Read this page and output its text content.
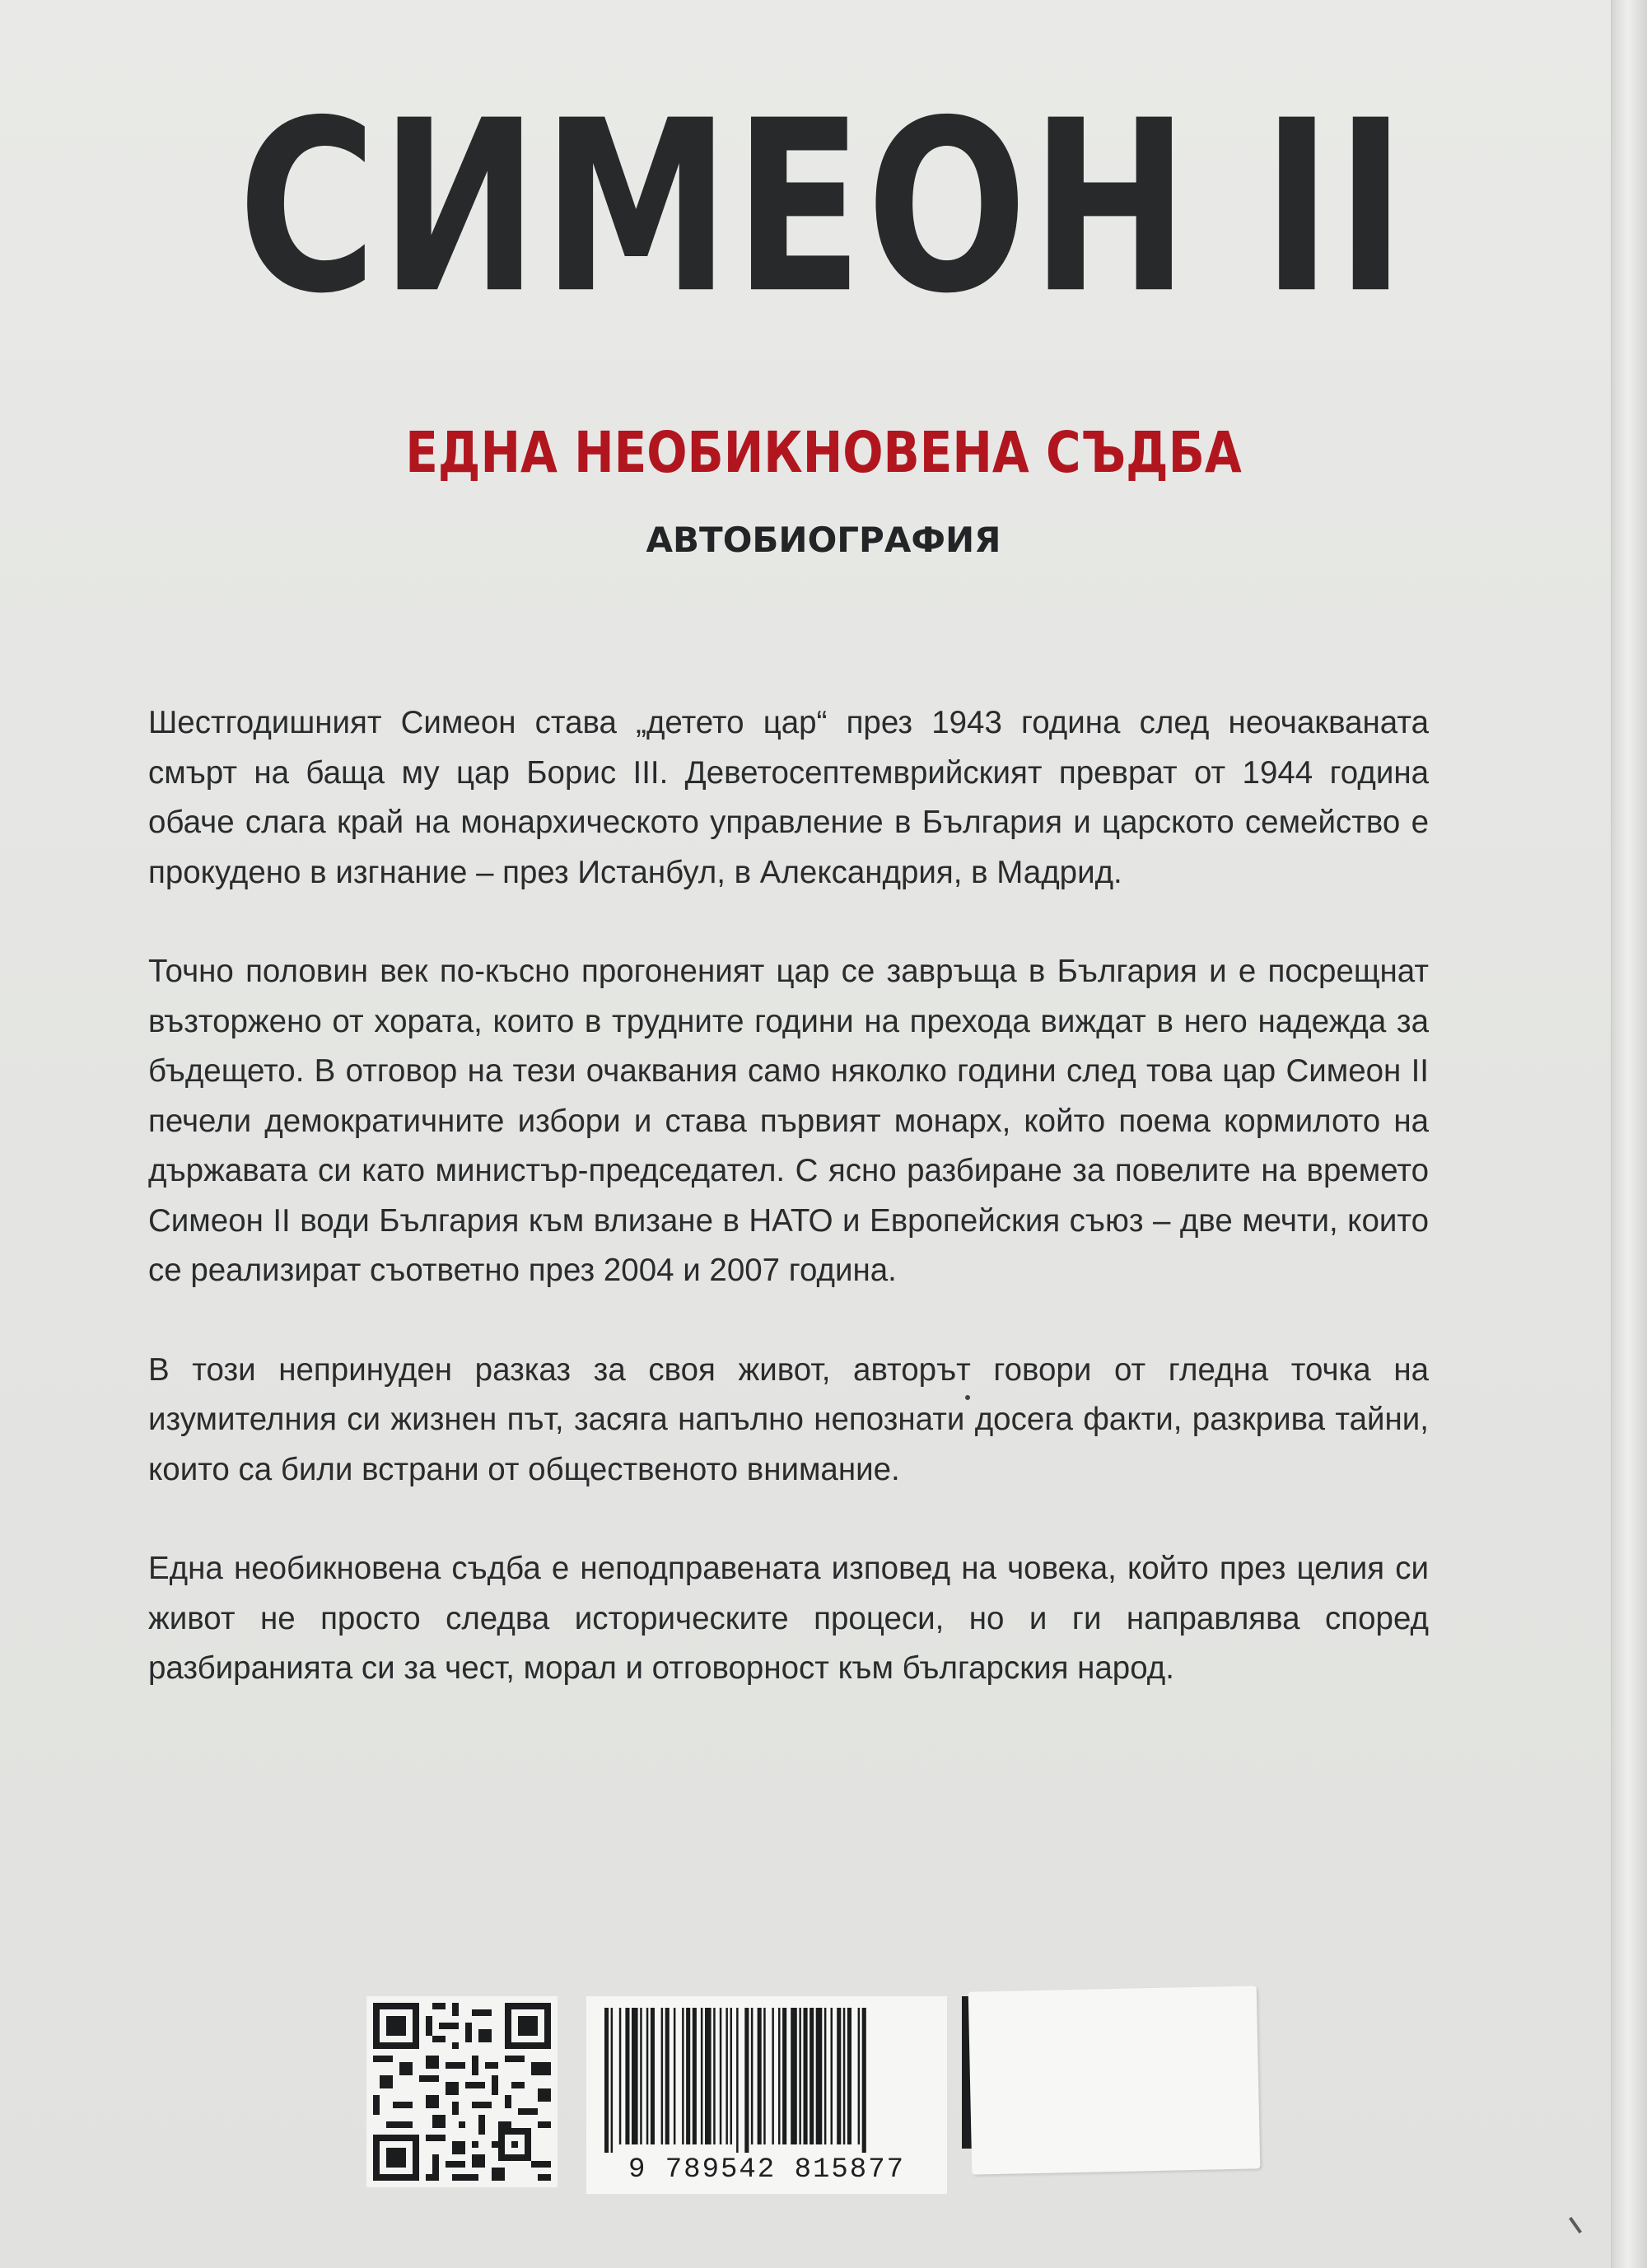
СИМЕОН II
ЕДНА НЕОБИКНОВЕНА СЪДБА
АВТОБИОГРАФИЯ

Шестгодишният Симеон става „детето цар“ през 1943 година след неочакваната смърт на баща му цар Борис III. Деветосептемврийският преврат от 1944 година обаче слага край на монархическото управление в България и царското семейство е прокудено в изгнание – през Истанбул, в Александрия, в Мадрид.

Точно половин век по-късно прогоненият цар се завръща в България и е посрещнат възторжено от хората, които в трудните години на прехода виждат в него надежда за бъдещето. В отговор на тези очаквания само няколко години след това цар Симеон II печели демократичните избори и става първият монарх, който поема кормилото на държавата си като министър-председател. С ясно разбиране за повелите на времето Симеон II води България към влизане в НАТО и Европейския съюз – две мечти, които се реализират съответно през 2004 и 2007 година.

В този непринуден разказ за своя живот, авторът говори от гледна точка на изумителния си жизнен път, засяга напълно непознати досега факти, разкрива тайни, които са били встрани от общественото внимание.

Една необикновена съдба е неподправената изповед на човека, който през целия си живот не просто следва историческите процеси, но и ги направлява според разбиранията си за чест, морал и отговорност към българския народ.

9 789542 815877
